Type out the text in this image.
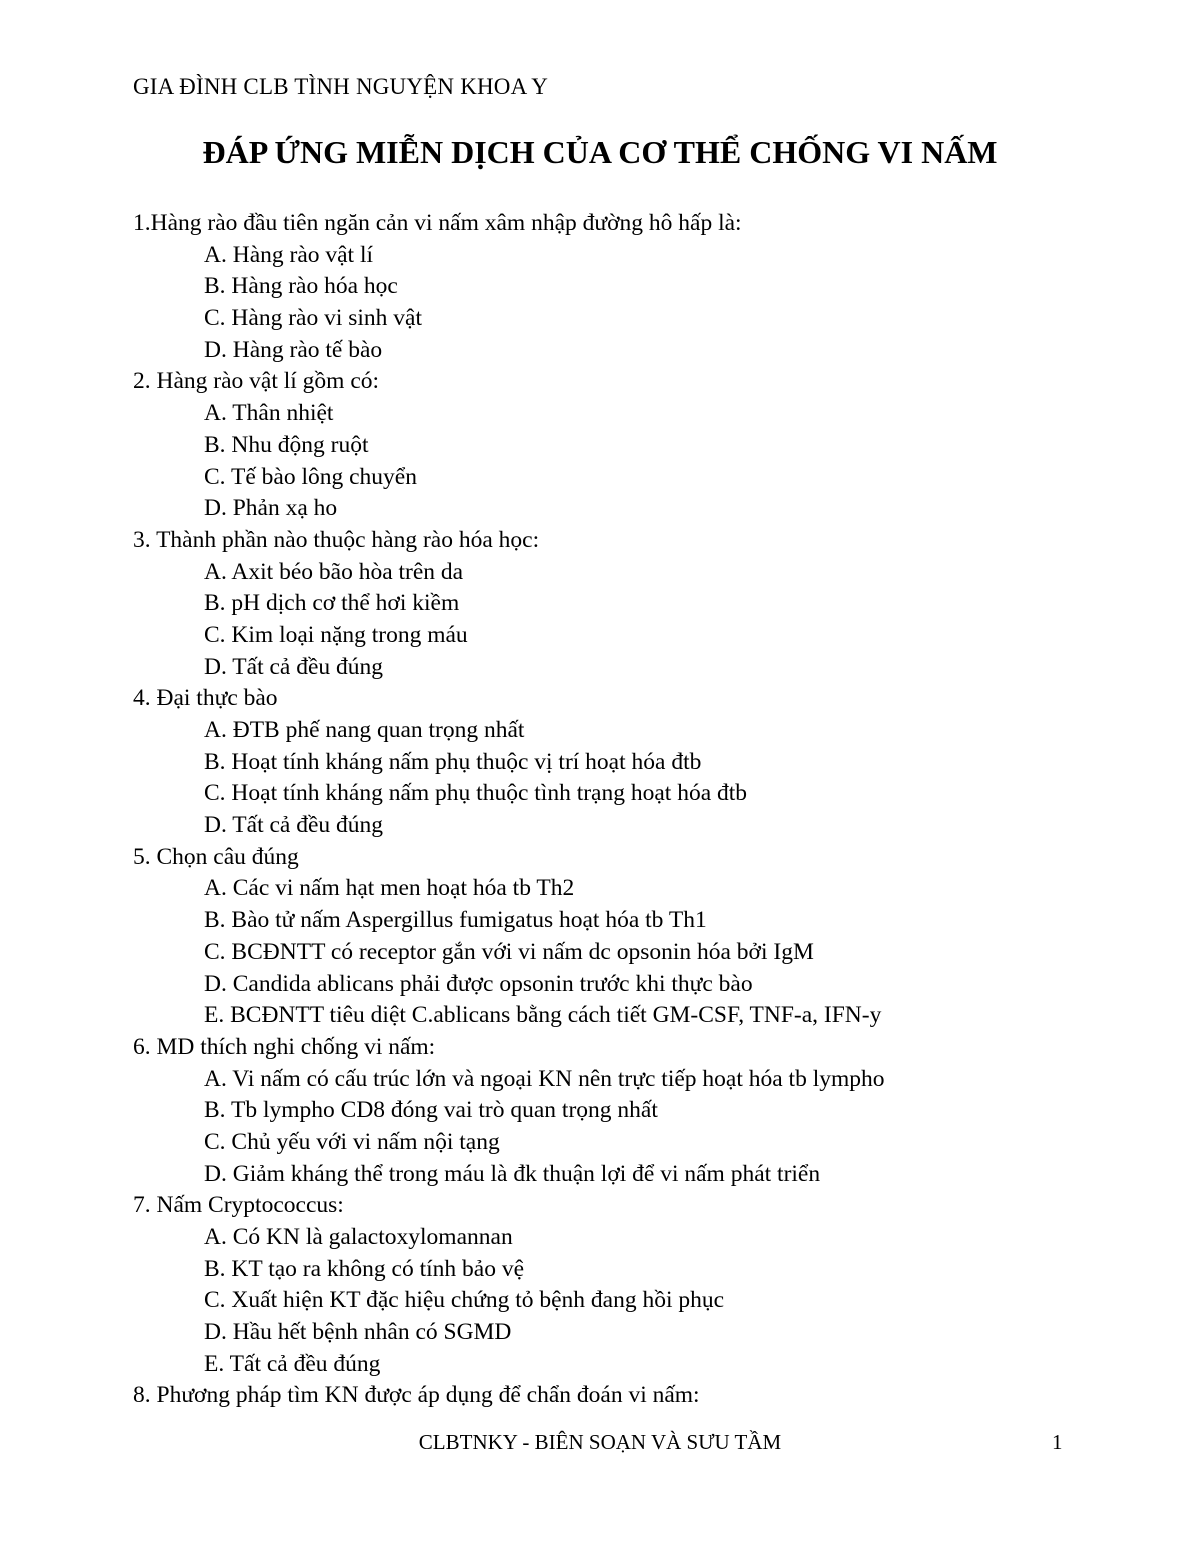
GIA ĐÌNH CLB TÌNH NGUYỆN KHOA Y
ĐÁP ỨNG MIỄN DỊCH CỦA CƠ THỂ CHỐNG VI NẤM
1.Hàng rào đầu tiên ngăn cản vi nấm xâm nhập đường hô hấp là:
A. Hàng rào vật lí
B. Hàng rào hóa học
C. Hàng rào vi sinh vật
D. Hàng rào tế bào
2. Hàng rào vật lí gồm có:
A. Thân nhiệt
B. Nhu động ruột
C. Tế bào lông chuyển
D. Phản xạ ho
3. Thành phần nào thuộc hàng rào hóa học:
A. Axit béo bão hòa trên da
B. pH dịch cơ thể hơi kiềm
C. Kim loại nặng trong máu
D. Tất cả đều đúng
4. Đại thực bào
A. ĐTB phế nang quan trọng nhất
B. Hoạt tính kháng nấm phụ thuộc vị trí hoạt hóa đtb
C. Hoạt tính kháng nấm phụ thuộc tình trạng hoạt hóa đtb
D. Tất cả đều đúng
5. Chọn câu đúng
A. Các vi nấm hạt men hoạt hóa tb Th2
B. Bào tử nấm Aspergillus fumigatus hoạt hóa tb Th1
C. BCĐNTT có receptor gắn với vi nấm dc opsonin hóa bởi IgM
D. Candida ablicans phải được opsonin trước khi thực bào
E. BCĐNTT tiêu diệt C.ablicans bằng cách tiết GM-CSF, TNF-a, IFN-y
6. MD thích nghi chống vi nấm:
A. Vi nấm có cấu trúc lớn và ngoại KN nên trực tiếp hoạt hóa tb lympho
B. Tb lympho CD8 đóng vai trò quan trọng nhất
C. Chủ yếu với vi nấm nội tạng
D. Giảm kháng thể trong máu là đk thuận lợi để vi nấm phát triển
7. Nấm Cryptococcus:
A. Có KN là galactoxylomannan
B. KT tạo ra không có tính bảo vệ
C. Xuất hiện KT đặc hiệu chứng tỏ bệnh đang hồi phục
D. Hầu hết bệnh nhân có SGMD
E. Tất cả đều đúng
8. Phương pháp tìm KN được áp dụng để chẩn đoán vi nấm:
CLBTNKY - BIÊN SOẠN VÀ SƯU TẦM	1
